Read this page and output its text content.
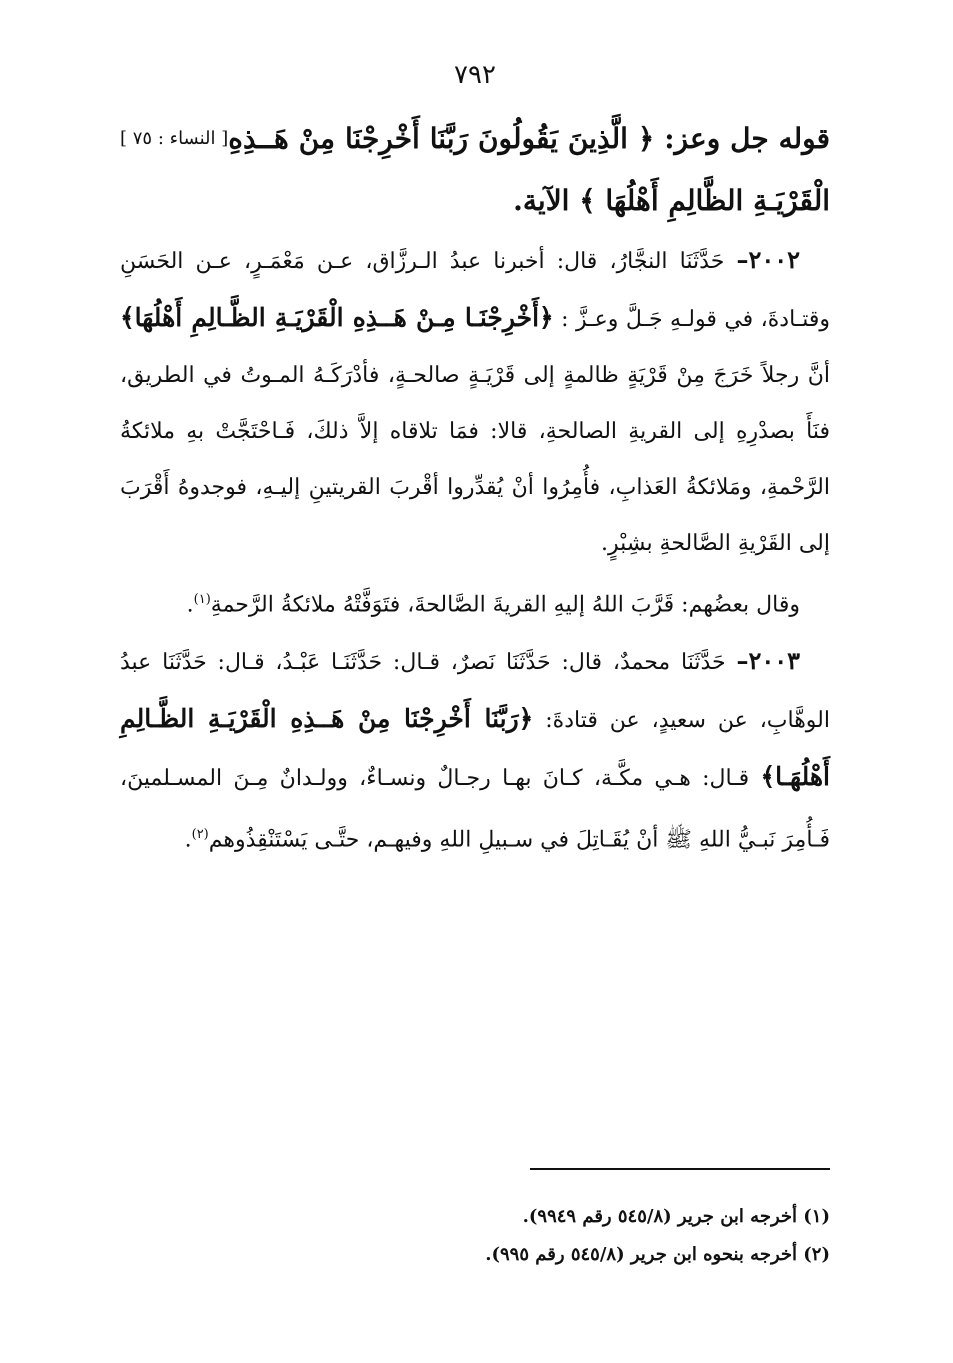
٧٩٢

[ النساء : ٧٥ ] قوله جل وعز: ﴿ الَّذِينَ يَقُولُونَ رَبَّنَا أَخْرِجْنَا مِنْ هَــذِهِ الْقَرْيَـةِ الظَّالِمِ أَهْلُهَا ﴾ الآية.

٢٠٠٢– حَدَّثَنَا النجَّارُ، قال: أخبرنا عبدُ الـرزَّاق، عـن مَعْمَـرٍ، عـن الحَسَنِ وقتـادةَ، في قولـهِ جَـلَّ وعـزَّ : ﴿أَخْرِجْنَـا مِـنْ هَــذِهِ الْقَرْيَـةِ الظَّـالِمِ أَهْلُهَا﴾ أنَّ رجلاً خَرَجَ مِنْ قَرْيَةٍ ظالمةٍ إلى قَرْيَـةٍ صالحـةٍ، فأدْرَكَـهُ المـوتُ في الطريق، فنَأَ بصدْرِهِ إلى القريةِ الصالحةِ، قالا: فمَا تلاقاه إلاَّ ذلكَ، فَـاحْتَجَّتْ بهِ ملائكةُ الرَّحْمةِ، ومَلائكةُ العَذابِ، فأُمِرُوا أنْ يُقدِّروا أقْربَ القريتينِ إليـهِ، فوجدوهُ أَقْرَبَ إلى القَرْيةِ الصَّالحةِ بشِبْرٍ.

وقال بعضُهم: قَرَّبَ اللهُ إليهِ القريةَ الصَّالحةَ، فتَوَفَّتْهُ ملائكةُ الرَّحمةِ$^{(١)}$.

٢٠٠٣– حَدَّثَنَا محمدٌ، قال: حَدَّثَنَا نَصرٌ، قـال: حَدَّثَنَـا عَبْـدُ، قـال: حَدَّثَنَا عبدُ الوهَّابِ، عن سعيدٍ، عن قتادةَ: ﴿رَبَّنَا أَخْرِجْنَا مِنْ هَــذِهِ الْقَرْيَـةِ الظَّـالِمِ أَهْلُهَـا﴾ قـال: هـي مكَّـة، كـانَ بهـا رجـالٌ ونسـاءٌ، وولـدانٌ مِـنَ المسـلمينَ، فَـأُمِرَ نَبـيُّ اللهِ ﷺ أنْ يُقَـاتِلَ في سـبيلِ اللهِ وفيهـم، حتَّـى يَسْتَنْقِذُوهم$^{(٢)}$.

(١) أخرجه ابن جرير (٥٤٥/٨ رقم ٩٩٤٩).
(٢) أخرجه بنحوه ابن جرير (٥٤٥/٨ رقم ٩٩٥).
